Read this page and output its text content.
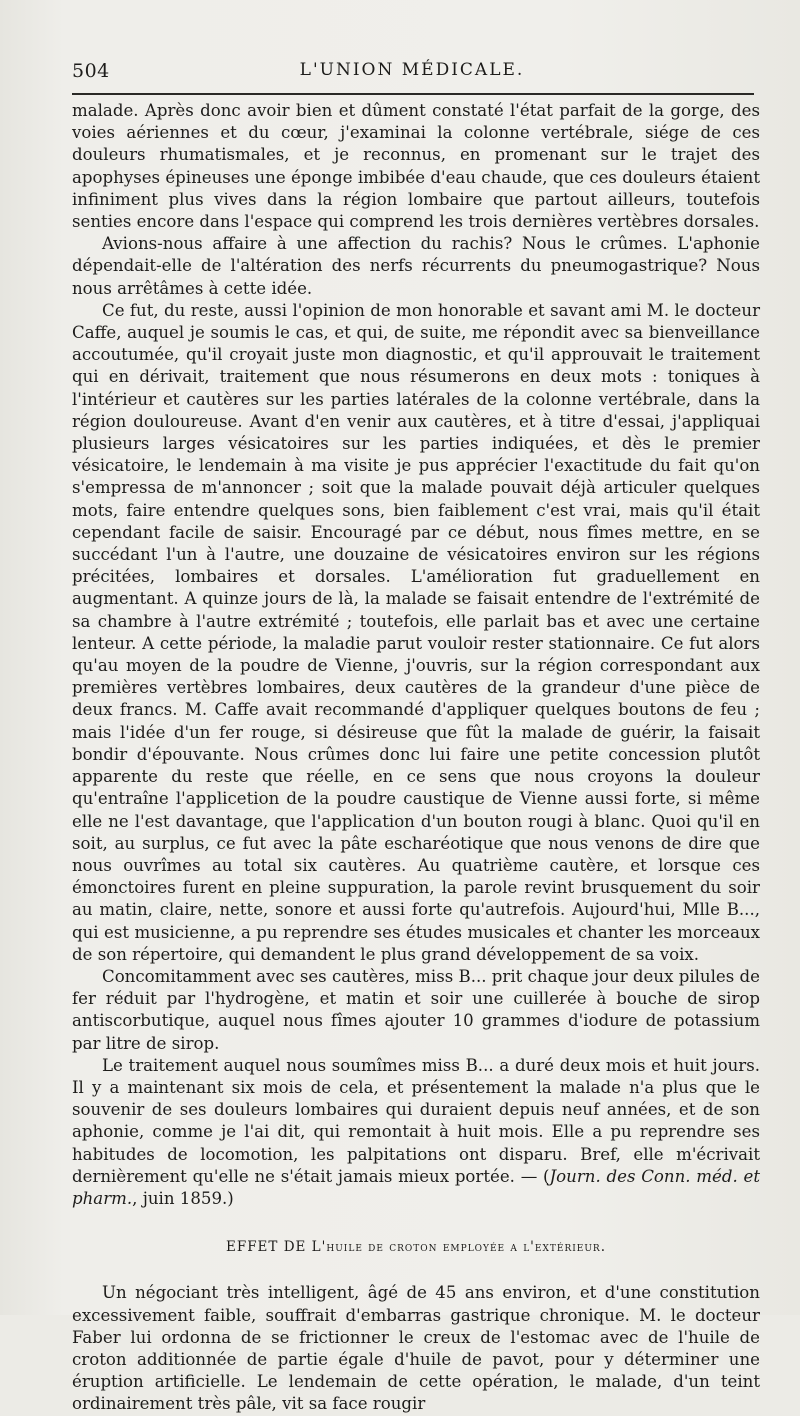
504	L'UNION MÉDICALE.

malade. Après donc avoir bien et dûment constaté l'état parfait de la gorge, des voies aériennes et du cœur, j'examinai la colonne vertébrale, siége de ces douleurs rhumatismales, et je reconnus, en promenant sur le trajet des apophyses épineuses une éponge imbibée d'eau chaude, que ces douleurs étaient infiniment plus vives dans la région lombaire que partout ailleurs, toutefois senties encore dans l'espace qui comprend les trois dernières vertèbres dorsales.

Avions-nous affaire à une affection du rachis? Nous le crûmes. L'aphonie dépendait-elle de l'altération des nerfs récurrents du pneumogastrique? Nous nous arrêtâmes à cette idée.

Ce fut, du reste, aussi l'opinion de mon honorable et savant ami M. le docteur Caffe, auquel je soumis le cas, et qui, de suite, me répondit avec sa bienveillance accoutumée, qu'il croyait juste mon diagnostic, et qu'il approuvait le traitement qui en dérivait, traitement que nous résumerons en deux mots : toniques à l'intérieur et cautères sur les parties latérales de la colonne vertébrale, dans la région douloureuse. Avant d'en venir aux cautères, et à titre d'essai, j'appliquai plusieurs larges vésicatoires sur les parties indiquées, et dès le premier vésicatoire, le lendemain à ma visite je pus apprécier l'exactitude du fait qu'on s'empressa de m'annoncer ; soit que la malade pouvait déjà articuler quelques mots, faire entendre quelques sons, bien faiblement c'est vrai, mais qu'il était cependant facile de saisir. Encouragé par ce début, nous fîmes mettre, en se succédant l'un à l'autre, une douzaine de vésicatoires environ sur les régions précitées, lombaires et dorsales. L'amélioration fut graduellement en augmentant. A quinze jours de là, la malade se faisait entendre de l'extrémité de sa chambre à l'autre extrémité ; toutefois, elle parlait bas et avec une certaine lenteur. A cette période, la maladie parut vouloir rester stationnaire. Ce fut alors qu'au moyen de la poudre de Vienne, j'ouvris, sur la région correspondant aux premières vertèbres lombaires, deux cautères de la grandeur d'une pièce de deux francs. M. Caffe avait recommandé d'appliquer quelques boutons de feu ; mais l'idée d'un fer rouge, si désireuse que fût la malade de guérir, la faisait bondir d'épouvante. Nous crûmes donc lui faire une petite concession plutôt apparente du reste que réelle, en ce sens que nous croyons la douleur qu'entraîne l'applicetion de la poudre caustique de Vienne aussi forte, si même elle ne l'est davantage, que l'application d'un bouton rougi à blanc. Quoi qu'il en soit, au surplus, ce fut avec la pâte escharéotique que nous venons de dire que nous ouvrîmes au total six cautères. Au quatrième cautère, et lorsque ces émonctoires furent en pleine suppuration, la parole revint brusquement du soir au matin, claire, nette, sonore et aussi forte qu'autrefois. Aujourd'hui, Mlle B..., qui est musicienne, a pu reprendre ses études musicales et chanter les morceaux de son répertoire, qui demandent le plus grand développement de sa voix.

Concomitamment avec ses cautères, miss B... prit chaque jour deux pilules de fer réduit par l'hydrogène, et matin et soir une cuillerée à bouche de sirop antiscorbutique, auquel nous fîmes ajouter 10 grammes d'iodure de potassium par litre de sirop.

Le traitement auquel nous soumîmes miss B... a duré deux mois et huit jours. Il y a maintenant six mois de cela, et présentement la malade n'a plus que le souvenir de ses douleurs lombaires qui duraient depuis neuf années, et de son aphonie, comme je l'ai dit, qui remontait à huit mois. Elle a pu reprendre ses habitudes de locomotion, les palpitations ont disparu. Bref, elle m'écrivait dernièrement qu'elle ne s'était jamais mieux portée. — (Journ. des Conn. méd. et pharm., juin 1859.)

EFFET DE L'huile de croton employée a l'extérieur.

Un négociant très intelligent, âgé de 45 ans environ, et d'une constitution excessivement faible, souffrait d'embarras gastrique chronique. M. le docteur Faber lui ordonna de se frictionner le creux de l'estomac avec de l'huile de croton additionnée de partie égale d'huile de pavot, pour y déterminer une éruption artificielle. Le lendemain de cette opération, le malade, d'un teint ordinairement très pâle, vit sa face rougir
